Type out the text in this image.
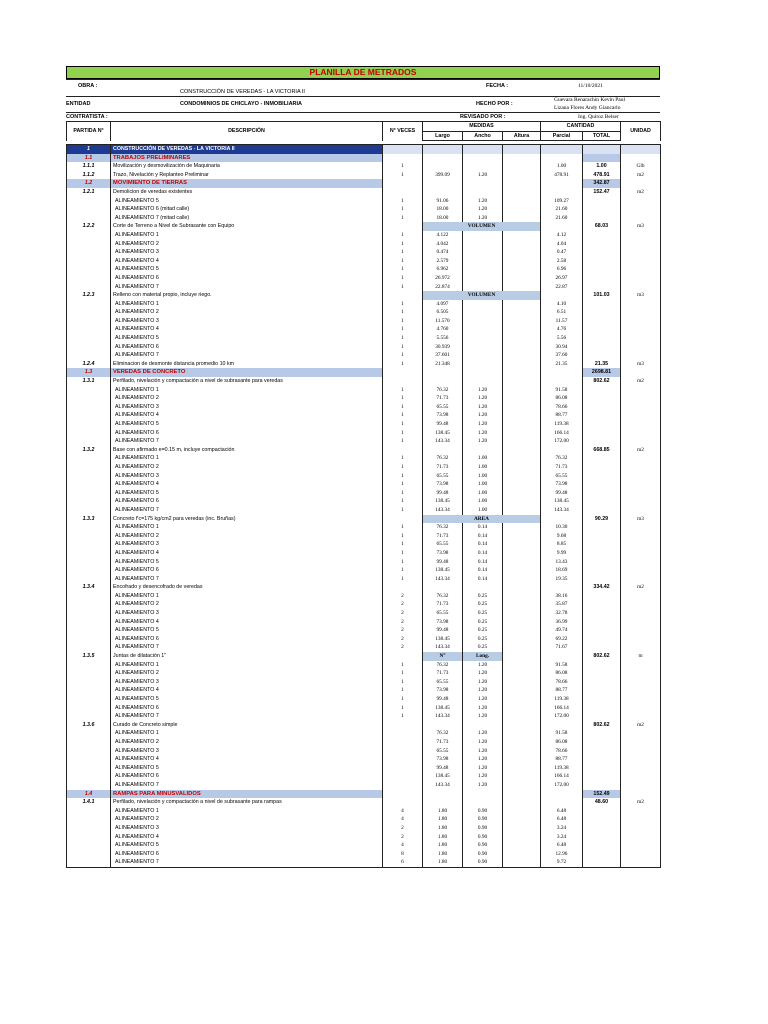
PLANILLA DE METRADOS
OBRA :
CONSTRUCCIÓN DE VEREDAS - LA VICTORIA II
FECHA :	11/10/2021
ENTIDAD	CONDOMINIOS DE CHICLAYO - INMOBILIARIA	HECHO POR :
Guevara Renarachin Kevin Paul
Lizana Flores Andy Giancarlo
CONTRATISTA :	REVISADO POR :	Ing. Quiroz Belser
PARTIDA N°	DESCRIPCIÓN	N° VECES	MEDIDAS			CANTIDAD		UNIDAD
			Largo	Ancho	Altura	Parcial	TOTAL	
1	CONSTRUCCIÓN DE VEREDAS - LA VICTORIA II							
1.1	TRABAJOS PRELIMINARES							
1.1.1	Movilización y desmovilización de Maquinaria	1				1.00	1.00	Glb
1.1.2	Trazo, Nivelación y Replanteo Preliminar	1	399.09	1.20		478.91	478.91	m2
1.2	MOVIMIENTO DE TIERRAS						342.87	
1.2.1	Demolicion de veredas existentes						152.47	m2
	ALINEAMIENTO 5	1	91.06	1.20		109.27		
	ALINEAMIENTO 6 (mitad calle)	1	18.00	1.20		21.60		
	ALINEAMIENTO 7 (mitad calle)	1	18.00	1.20		21.60		
1.2.2	Corte de Terreno a Nivel de Subrasante con Equipo		VOLUMEN				68.03	m3
	ALINEAMIENTO 1	1	4.122			4.12		
	ALINEAMIENTO 2	1	4.042			4.04		
	ALINEAMIENTO 3	1	0.474			0.47		
	ALINEAMIENTO 4	1	2.579			2.58		
	ALINEAMIENTO 5	1	6.962			6.96		
	ALINEAMIENTO 6	1	26.972			26.97		
	ALINEAMIENTO 7	1	22.874			22.87		
1.2.3	Relleno con material propio, incluye riego.		VOLUMEN				101.03	m3
	ALINEAMIENTO 1	1	4.097			4.10		
	ALINEAMIENTO 2	1	6.505			6.51		
	ALINEAMIENTO 3	1	11.570			11.57		
	ALINEAMIENTO 4	1	4.760			4.76		
	ALINEAMIENTO 5	1	5.556			5.56		
	ALINEAMIENTO 6	1	30.939			30.94		
	ALINEAMIENTO 7	1	37.601			37.60		
1.2.4	Eliminacion de desmonte distancia promedio 10 km	1	21.348			21.35	21.35	m3
1.3	VEREDAS DE CONCRETO						2698.81	
1.3.1	Perfilado, nivelación y compactación a nivel de subrasante para veredas						802.62	m2
	ALINEAMIENTO 1	1	76.32	1.20		91.58		
	ALINEAMIENTO 2	1	71.73	1.20		86.08		
	ALINEAMIENTO 3	1	65.55	1.20		78.66		
	ALINEAMIENTO 4	1	73.98	1.20		88.77		
	ALINEAMIENTO 5	1	99.48	1.20		119.38		
	ALINEAMIENTO 6	1	138.45	1.20		166.14		
	ALINEAMIENTO 7	1	143.34	1.20		172.00		
1.3.2	Base con afirmado e=0.15 m, incluye compactación						668.85	m2
	ALINEAMIENTO 1	1	76.32	1.00		76.32		
	ALINEAMIENTO 2	1	71.73	1.00		71.73		
	ALINEAMIENTO 3	1	65.55	1.00		65.55		
	ALINEAMIENTO 4	1	73.98	1.00		73.98		
	ALINEAMIENTO 5	1	99.48	1.00		99.48		
	ALINEAMIENTO 6	1	138.45	1.00		138.45		
	ALINEAMIENTO 7	1	143.34	1.00		143.34		
1.3.3	Concreto f'c=175 kg/cm2 para veredas (inc. Bruñas)		AREA				90.29	m3
	ALINEAMIENTO 1	1	76.32	0.14		10.30		
	ALINEAMIENTO 2	1	71.73	0.14		9.68		
	ALINEAMIENTO 3	1	65.55	0.14		8.85		
	ALINEAMIENTO 4	1	73.98	0.14		9.99		
	ALINEAMIENTO 5	1	99.48	0.14		13.43		
	ALINEAMIENTO 6	1	138.45	0.14		18.69		
	ALINEAMIENTO 7	1	143.34	0.14		19.35		
1.3.4	Encofrado y desencofrado de veredas						334.42	m2
	ALINEAMIENTO 1	2	76.32	0.25		38.16		
	ALINEAMIENTO 2	2	71.73	0.25		35.87		
	ALINEAMIENTO 3	2	65.55	0.25		32.78		
	ALINEAMIENTO 4	2	73.98	0.25		36.99		
	ALINEAMIENTO 5	2	99.48	0.25		49.74		
	ALINEAMIENTO 6	2	138.45	0.25		69.22		
	ALINEAMIENTO 7	2	143.34	0.25		71.67		
1.3.5	Juntas de dilatación 1"		N°	Long.			802.62	m
	ALINEAMIENTO 1	1	76.32	1.20		91.58		
	ALINEAMIENTO 2	1	71.73	1.20		86.08		
	ALINEAMIENTO 3	1	65.55	1.20		78.66		
	ALINEAMIENTO 4	1	73.98	1.20		88.77		
	ALINEAMIENTO 5	1	99.48	1.20		119.38		
	ALINEAMIENTO 6	1	138.45	1.20		166.14		
	ALINEAMIENTO 7	1	143.34	1.20		172.00		
1.3.6	Curado de Concreto simple						802.62	m2
	ALINEAMIENTO 1		76.32	1.20		91.58		
	ALINEAMIENTO 2		71.73	1.20		86.08		
	ALINEAMIENTO 3		65.55	1.20		78.66		
	ALINEAMIENTO 4		73.98	1.20		88.77		
	ALINEAMIENTO 5		99.48	1.20		119.38		
	ALINEAMIENTO 6		138.45	1.20		166.14		
	ALINEAMIENTO 7		143.34	1.20		172.00		
1.4	RAMPAS PARA MINUSVALIDOS						152.49	
1.4.1	Perfilado, nivelación y compactación a nivel de subrasante para rampas						48.60	m2
	ALINEAMIENTO 1	4	1.80	0.90		6.48		
	ALINEAMIENTO 2	4	1.80	0.90		6.48		
	ALINEAMIENTO 3	2	1.80	0.90		3.24		
	ALINEAMIENTO 4	2	1.80	0.90		3.24		
	ALINEAMIENTO 5	4	1.80	0.90		6.48		
	ALINEAMIENTO 6	8	1.80	0.90		12.96		
	ALINEAMIENTO 7	6	1.80	0.90		9.72		
